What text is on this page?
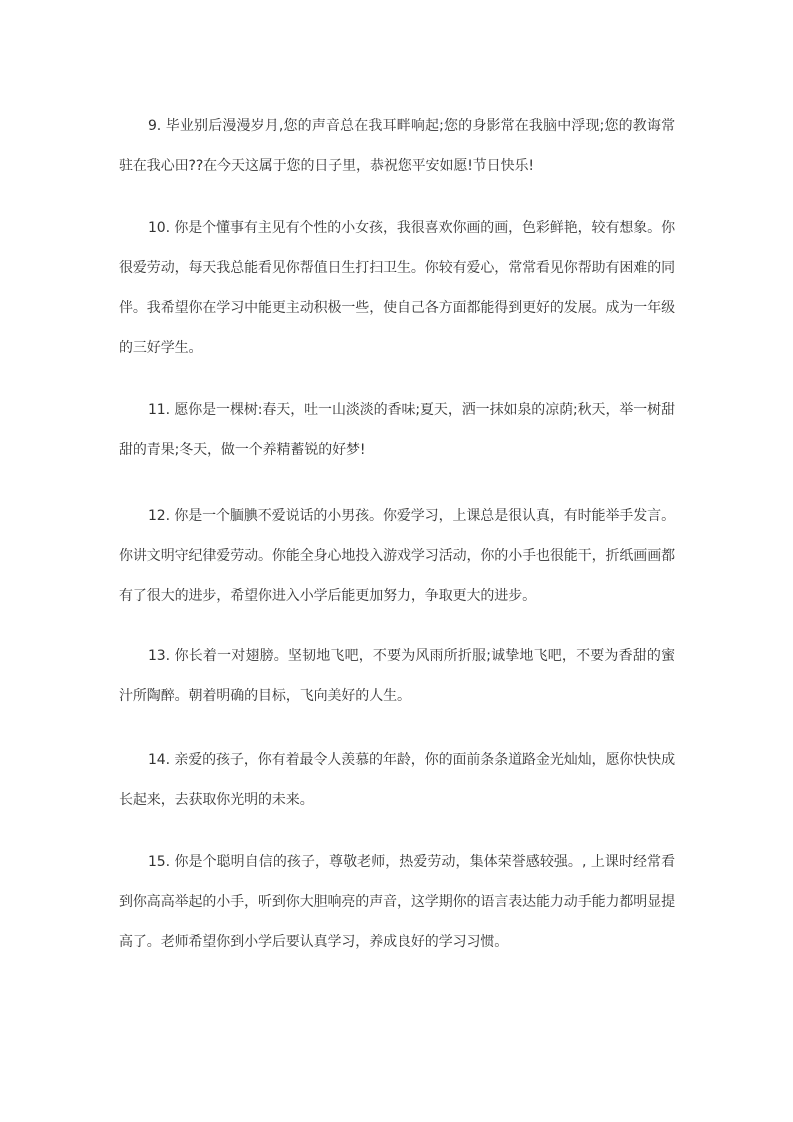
9. 毕业别后漫漫岁月,您的声音总在我耳畔响起;您的身影常在我脑中浮现;您的教诲常驻在我心田??在今天这属于您的日子里，恭祝您平安如愿!节日快乐!

10. 你是个懂事有主见有个性的小女孩，我很喜欢你画的画，色彩鲜艳，较有想象。你很爱劳动，每天我总能看见你帮值日生打扫卫生。你较有爱心，常常看见你帮助有困难的同伴。我希望你在学习中能更主动积极一些，使自己各方面都能得到更好的发展。成为一年级的三好学生。

11. 愿你是一棵树:春天，吐一山淡淡的香味;夏天，洒一抹如泉的凉荫;秋天，举一树甜甜的青果;冬天，做一个养精蓄锐的好梦!

12. 你是一个腼腆不爱说话的小男孩。你爱学习，上课总是很认真，有时能举手发言。你讲文明守纪律爱劳动。你能全身心地投入游戏学习活动，你的小手也很能干，折纸画画都有了很大的进步，希望你进入小学后能更加努力，争取更大的进步。

13. 你长着一对翅膀。坚韧地飞吧，不要为风雨所折服;诚挚地飞吧，不要为香甜的蜜汁所陶醉。朝着明确的目标，飞向美好的人生。

14. 亲爱的孩子，你有着最令人羡慕的年龄，你的面前条条道路金光灿灿，愿你快快成长起来，去获取你光明的未来。

15. 你是个聪明自信的孩子，尊敬老师，热爱劳动，集体荣誉感较强。, 上课时经常看到你高高举起的小手，听到你大胆响亮的声音，这学期你的语言表达能力动手能力都明显提高了。老师希望你到小学后要认真学习，养成良好的学习习惯。
